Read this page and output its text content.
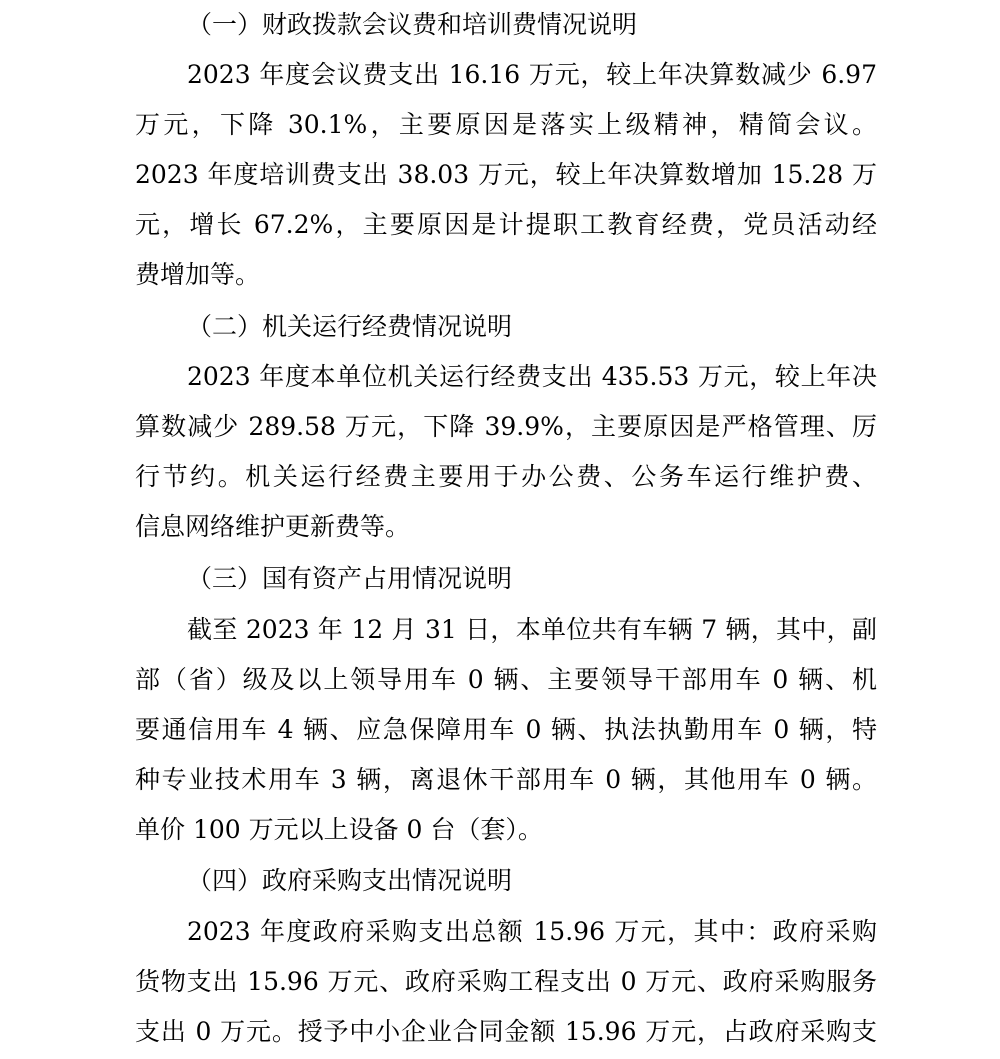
（一）财政拨款会议费和培训费情况说明
2023 年度会议费支出 16.16 万元，较上年决算数减少 6.97
万元，下降 30.1%，主要原因是落实上级精神，精简会议。
2023 年度培训费支出 38.03 万元，较上年决算数增加 15.28 万
元，增长 67.2%，主要原因是计提职工教育经费，党员活动经
费增加等。
（二）机关运行经费情况说明
2023 年度本单位机关运行经费支出 435.53 万元，较上年决
算数减少 289.58 万元，下降 39.9%，主要原因是严格管理、厉
行节约。机关运行经费主要用于办公费、公务车运行维护费、
信息网络维护更新费等。
（三）国有资产占用情况说明
截至 2023 年 12 月 31 日，本单位共有车辆 7 辆，其中，副
部（省）级及以上领导用车 0 辆、主要领导干部用车 0 辆、机
要通信用车 4 辆、应急保障用车 0 辆、执法执勤用车 0 辆，特
种专业技术用车 3 辆，离退休干部用车 0 辆，其他用车 0 辆。
单价 100 万元以上设备 0 台（套）。
（四）政府采购支出情况说明
2023 年度政府采购支出总额 15.96 万元，其中：政府采购
货物支出 15.96 万元、政府采购工程支出 0 万元、政府采购服务
支出 0 万元。授予中小企业合同金额 15.96 万元，占政府采购支
